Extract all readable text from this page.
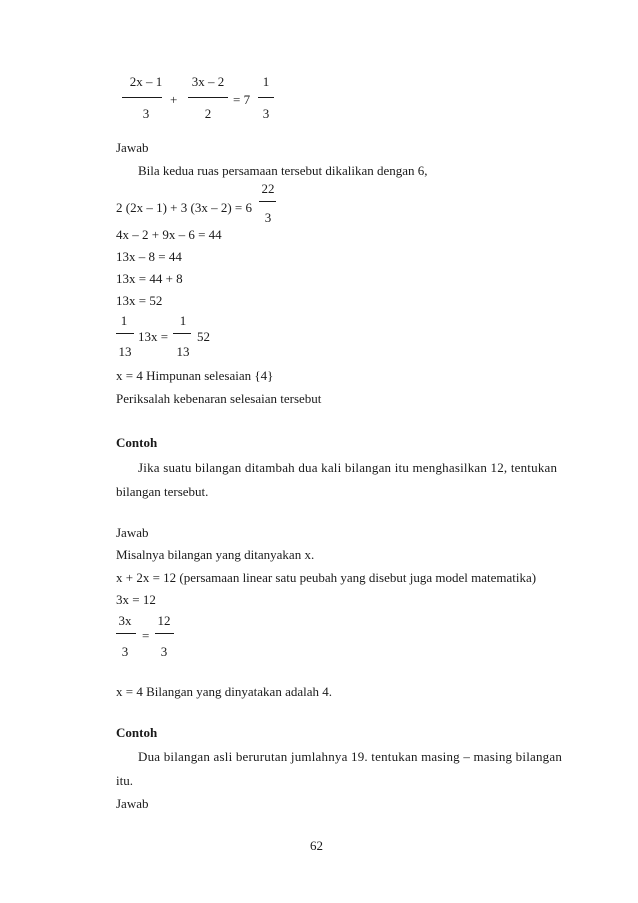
2x – 1
3
+
3x – 2
2
= 7
1
3
Jawab
Bila kedua ruas persamaan tersebut dikalikan dengan 6,
2 (2x – 1) + 3 (3x – 2) = 6
22
3
4x – 2 + 9x – 6 = 44
13x – 8 = 44
13x = 44 + 8
13x = 52
1
13
13x =
1
13
52
x = 4 Himpunan selesaian {4}
Periksalah kebenaran selesaian tersebut
Contoh
Jika suatu bilangan ditambah dua kali bilangan itu menghasilkan 12, tentukan
bilangan tersebut.
Jawab
Misalnya bilangan yang ditanyakan x.
x + 2x = 12 (persamaan linear satu peubah yang disebut juga model matematika)
3x = 12
3x
3
=
12
3
x = 4 Bilangan yang dinyatakan adalah 4.
Contoh
Dua bilangan asli berurutan jumlahnya 19. tentukan masing – masing bilangan
itu.
Jawab
62
